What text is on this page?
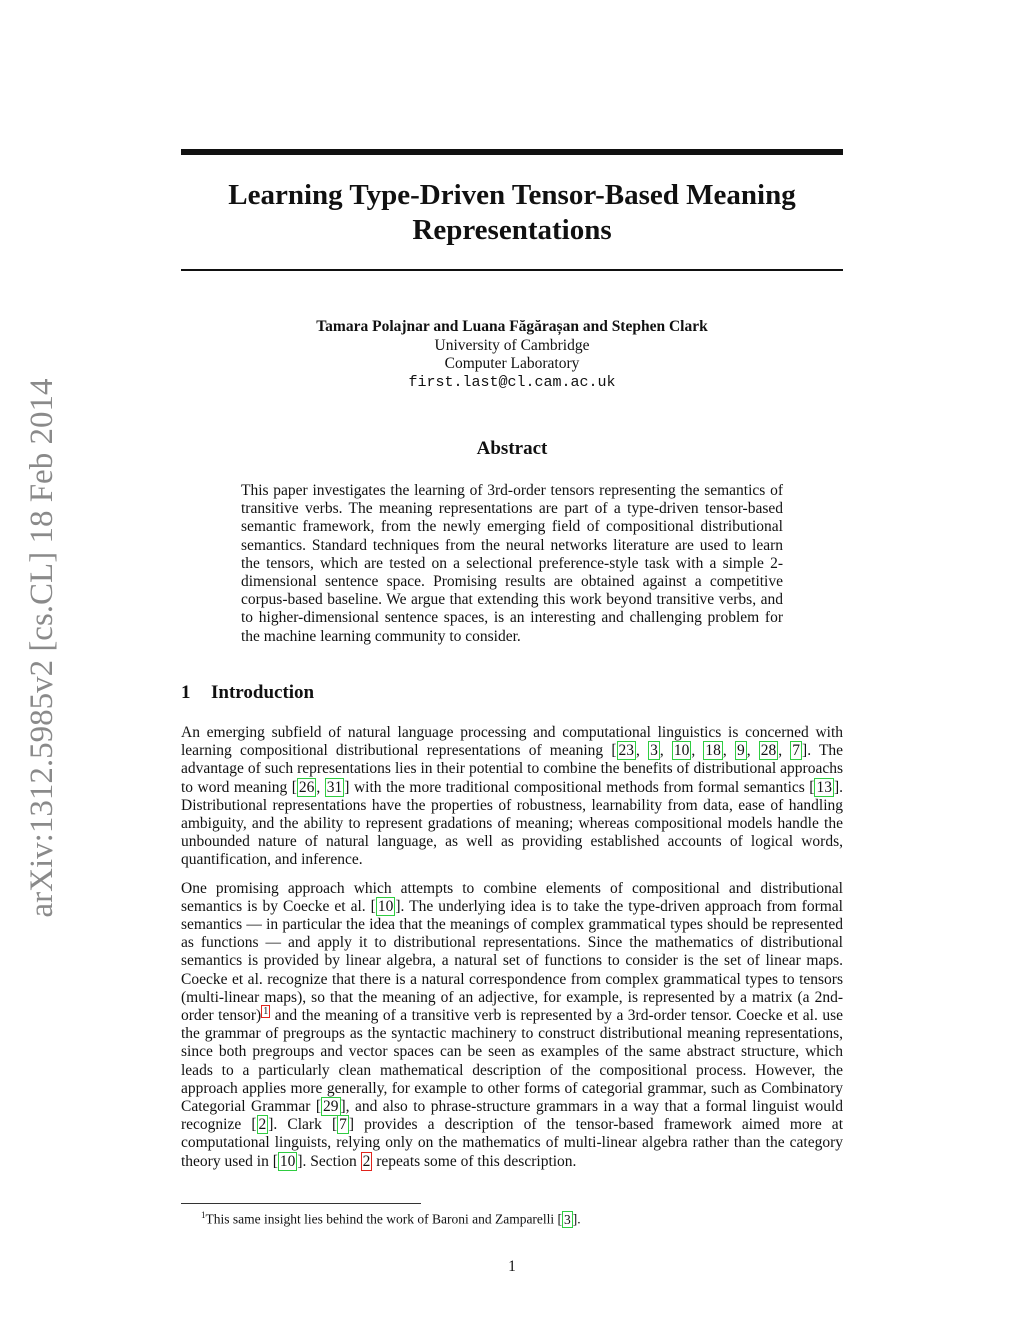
arXiv:1312.5985v2 [cs.CL] 18 Feb 2014
Learning Type-Driven Tensor-Based Meaning
Representations
Tamara Polajnar and Luana Făgărașan and Stephen Clark
University of Cambridge
Computer Laboratory
first.last@cl.cam.ac.uk
Abstract
This paper investigates the learning of 3rd-order tensors representing the semantics of transitive verbs. The meaning representations are part of a type-driven tensor-based semantic framework, from the newly emerging field of compositional distributional semantics. Standard techniques from the neural networks literature are used to learn the tensors, which are tested on a selectional preference-style task with a simple 2-dimensional sentence space. Promising results are obtained against a competitive corpus-based baseline. We argue that extending this work beyond transitive verbs, and to higher-dimensional sentence spaces, is an interesting and challenging problem for the machine learning community to consider.
1 Introduction

An emerging subfield of natural language processing and computational linguistics is concerned with learning compositional distributional representations of meaning [ 23 , 3 , 10 , 18 , 9 , 28 , 7 ]. The advantage of such representations lies in their potential to combine the benefits of distributional approachs to word meaning [ 26 , 31 ] with the more traditional compositional methods from formal semantics [ 13 ]. Distributional representations have the properties of robustness, learnability from data, ease of handling ambiguity, and the ability to represent gradations of meaning; whereas compositional models handle the unbounded nature of natural language, as well as providing established accounts of logical words, quantification, and inference.

One promising approach which attempts to combine elements of compositional and distributional semantics is by Coecke et al. [ 10 ]. The underlying idea is to take the type-driven approach from formal semantics — in particular the idea that the meanings of complex grammatical types should be represented as functions — and apply it to distributional representations. Since the mathematics of distributional semantics is provided by linear algebra, a natural set of functions to consider is the set of linear maps. Coecke et al. recognize that there is a natural correspondence from complex grammatical types to tensors (multi-linear maps), so that the meaning of an adjective, for example, is represented by a matrix (a 2nd-order tensor) $^1$ and the meaning of a transitive verb is represented by a 3rd-order tensor. Coecke et al. use the grammar of pregroups as the syntactic machinery to construct distributional meaning representations, since both pregroups and vector spaces can be seen as examples of the same abstract structure, which leads to a particularly clean mathematical description of the compositional process. However, the approach applies more generally, for example to other forms of categorial grammar, such as Combinatory Categorial Grammar [ 29 ], and also to phrase-structure grammars in a way that a formal linguist would recognize [ 2 ]. Clark [ 7 ] provides a description of the tensor-based framework aimed more at computational linguists, relying only on the mathematics of multi-linear algebra rather than the category theory used in [ 10 ]. Section 2 repeats some of this description.

$^1$This same insight lies behind the work of Baroni and Zamparelli [ 3 ].
1
